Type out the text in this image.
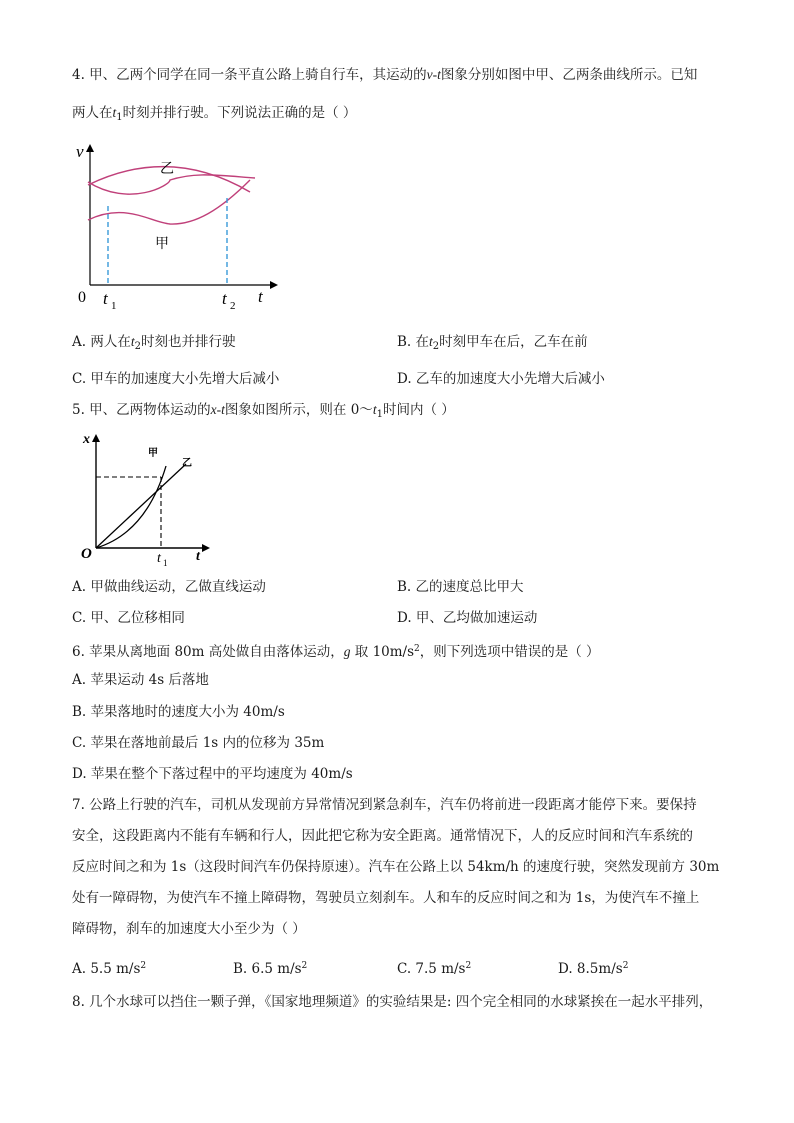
4. 甲、乙两个同学在同一条平直公路上骑自行车，其运动的v-t图象分别如图中甲、乙两条曲线所示。已知
两人在$t_1$时刻并排行驶。下列说法正确的是（ ）
v
0	t
t 1	t 2
乙
甲
A. 两人在$t_2$时刻也并排行驶	B. 在$t_2$时刻甲车在后，乙车在前
C. 甲车的加速度大小先增大后减小	D. 乙车的加速度大小先增大后减小
5. 甲、乙两物体运动的x-t图象如图所示，则在 $0\sim t_1$时间内（ ）
x
O	t
t 1
甲
乙
A. 甲做曲线运动，乙做直线运动	B. 乙的速度总比甲大
C. 甲、乙位移相同	D. 甲、乙均做加速运动
6. 苹果从离地面 80m 高处做自由落体运动，g 取 $10m/s^2$，则下列选项中错误的是（ ）
A. 苹果运动 4s 后落地
B. 苹果落地时的速度大小为 40m/s
C. 苹果在落地前最后 1s 内的位移为 35m
D. 苹果在整个下落过程中的平均速度为 40m/s
7. 公路上行驶的汽车，司机从发现前方异常情况到紧急刹车，汽车仍将前进一段距离才能停下来。要保持
安全，这段距离内不能有车辆和行人，因此把它称为安全距离。通常情况下，人的反应时间和汽车系统的
反应时间之和为 1s（这段时间汽车仍保持原速）。汽车在公路上以 54km/h 的速度行驶，突然发现前方 30m
处有一障碍物，为使汽车不撞上障碍物，驾驶员立刻刹车。人和车的反应时间之和为 1s，为使汽车不撞上
障碍物，刹车的加速度大小至少为（ ）
A. 5.5 $m/s^2$	B. 6.5 $m/s^2$	C. 7.5 $m/s^2$	D. $8.5m/s^2$
8. 几个水球可以挡住一颗子弹，《国家地理频道》的实验结果是: 四个完全相同的水球紧挨在一起水平排列，
